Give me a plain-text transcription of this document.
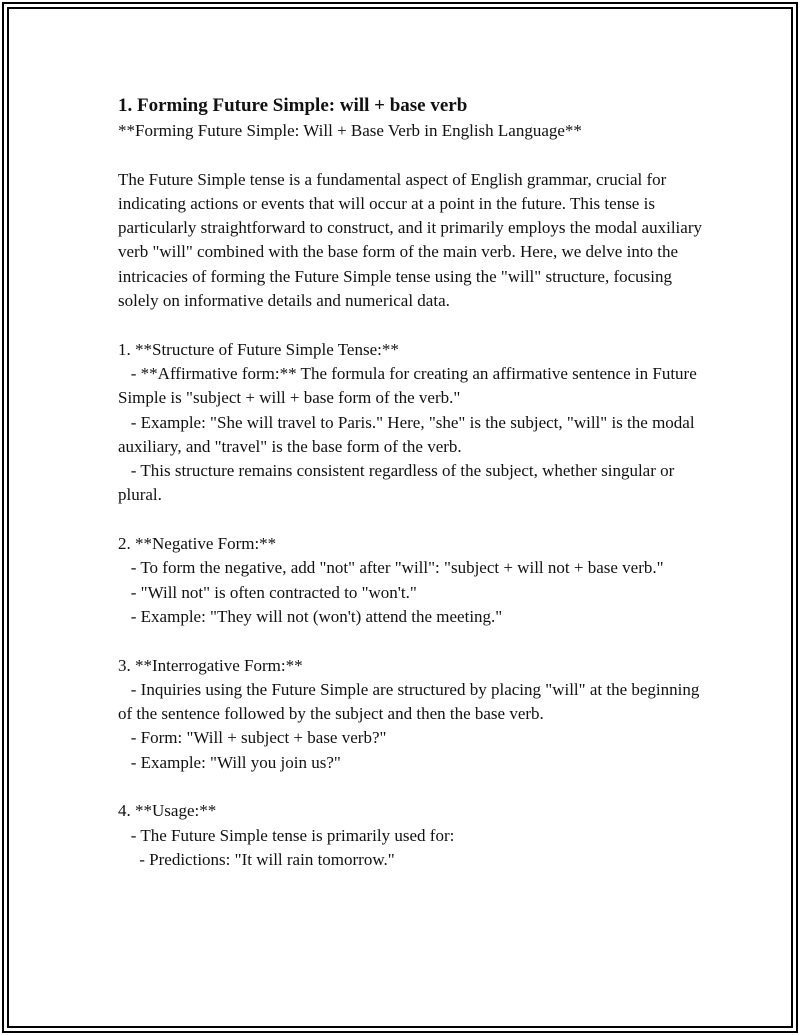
1. Forming Future Simple: will + base verb

**Forming Future Simple: Will + Base Verb in English Language**

The Future Simple tense is a fundamental aspect of English grammar, crucial for indicating actions or events that will occur at a point in the future. This tense is particularly straightforward to construct, and it primarily employs the modal auxiliary verb "will" combined with the base form of the main verb. Here, we delve into the intricacies of forming the Future Simple tense using the "will" structure, focusing solely on informative details and numerical data.

1. **Structure of Future Simple Tense:**

- **Affirmative form:** The formula for creating an affirmative sentence in Future Simple is "subject + will + base form of the verb."

- Example: "She will travel to Paris." Here, "she" is the subject, "will" is the modal auxiliary, and "travel" is the base form of the verb.

- This structure remains consistent regardless of the subject, whether singular or plural.

2. **Negative Form:**

- To form the negative, add "not" after "will": "subject + will not + base verb."

- "Will not" is often contracted to "won't."

- Example: "They will not (won't) attend the meeting."

3. **Interrogative Form:**

- Inquiries using the Future Simple are structured by placing "will" at the beginning of the sentence followed by the subject and then the base verb.

- Form: "Will + subject + base verb?"

- Example: "Will you join us?"

4. **Usage:**

- The Future Simple tense is primarily used for:

- Predictions: "It will rain tomorrow."
